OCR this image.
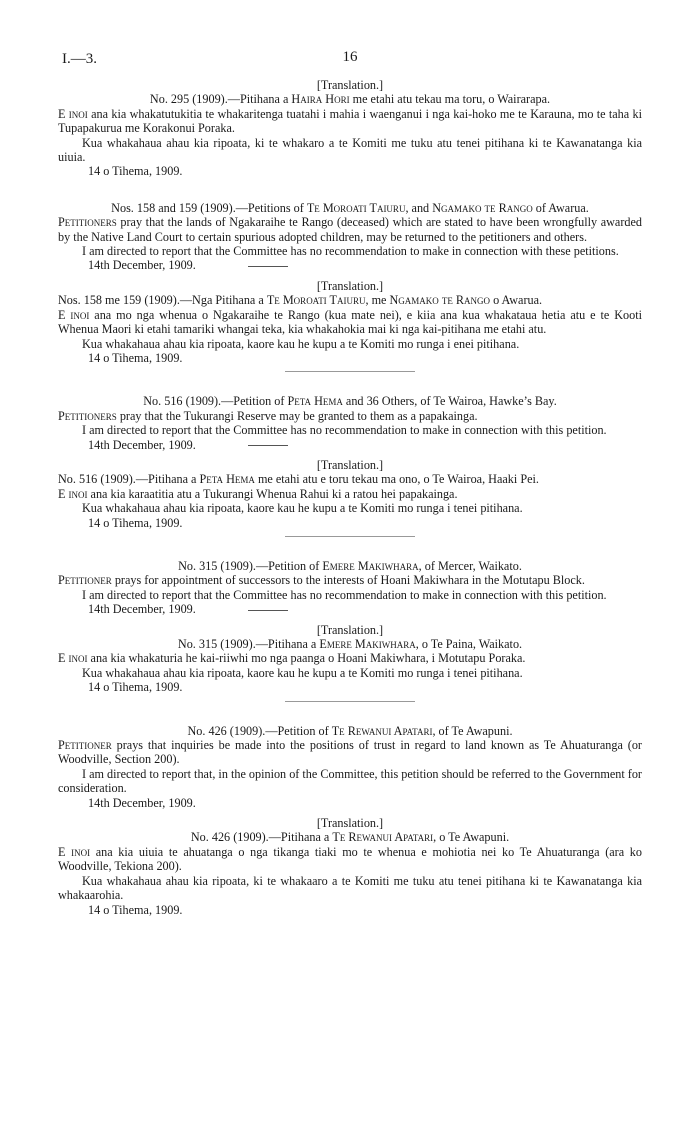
I.—3.	16

[Translation.]

No. 295 (1909).—Pitihana a Haira Hori me etahi atu tekau ma toru, o Wairarapa.

E inoi ana kia whakatutukitia te whakaritenga tuatahi i mahia i waenganui i nga kai-hoko me te Karauna, mo te taha ki Tupapakurua me Korakonui Poraka.

Kua whakahaua ahau kia ripoata, ki te whakaro a te Komiti me tuku atu tenei pitihana ki te Kawanatanga kia uiuia.

14 o Tihema, 1909.

Nos. 158 and 159 (1909).—Petitions of Te Moroati Taiuru, and Ngamako te Rango of Awarua.

Petitioners pray that the lands of Ngakaraihe te Rango (deceased) which are stated to have been wrongfully awarded by the Native Land Court to certain spurious adopted children, may be returned to the petitioners and others.

I am directed to report that the Committee has no recommendation to make in connection with these petitions.

14th December, 1909.

[Translation.]

Nos. 158 me 159 (1909).—Nga Pitihana a Te Moroati Taiuru, me Ngamako te Rango o Awarua.

E inoi ana mo nga whenua o Ngakaraihe te Rango (kua mate nei), e kiia ana kua whakataua hetia atu e te Kooti Whenua Maori ki etahi tamariki whangai teka, kia whakahokia mai ki nga kai-pitihana me etahi atu.

Kua whakahaua ahau kia ripoata, kaore kau he kupu a te Komiti mo runga i enei pitihana.

14 o Tihema, 1909.

No. 516 (1909).—Petition of Peta Hema and 36 Others, of Te Wairoa, Hawke’s Bay.

Petitioners pray that the Tukurangi Reserve may be granted to them as a papakainga.

I am directed to report that the Committee has no recommendation to make in connection with this petition.

14th December, 1909.

[Translation.]

No. 516 (1909).—Pitihana a Peta Hema me etahi atu e toru tekau ma ono, o Te Wairoa, Haaki Pei.

E inoi ana kia karaatitia atu a Tukurangi Whenua Rahui ki a ratou hei papakainga.

Kua whakahaua ahau kia ripoata, kaore kau he kupu a te Komiti mo runga i tenei pitihana.

14 o Tihema, 1909.

No. 315 (1909).—Petition of Emere Makiwhara, of Mercer, Waikato.

Petitioner prays for appointment of successors to the interests of Hoani Makiwhara in the Motutapu Block.

I am directed to report that the Committee has no recommendation to make in connection with this petition.

14th December, 1909.

[Translation.]

No. 315 (1909).—Pitihana a Emere Makiwhara, o Te Paina, Waikato.

E inoi ana kia whakaturia he kai-riiwhi mo nga paanga o Hoani Makiwhara, i Motutapu Poraka.

Kua whakahaua ahau kia ripoata, kaore kau he kupu a te Komiti mo runga i tenei pitihana.

14 o Tihema, 1909.

No. 426 (1909).—Petition of Te Rewanui Apatari, of Te Awapuni.

Petitioner prays that inquiries be made into the positions of trust in regard to land known as Te Ahuaturanga (or Woodville, Section 200).

I am directed to report that, in the opinion of the Committee, this petition should be referred to the Government for consideration.

14th December, 1909.

[Translation.]

No. 426 (1909).—Pitihana a Te Rewanui Apatari, o Te Awapuni.

E inoi ana kia uiuia te ahuatanga o nga tikanga tiaki mo te whenua e mohiotia nei ko Te Ahuaturanga (ara ko Woodville, Tekiona 200).

Kua whakahaua ahau kia ripoata, ki te whakaaro a te Komiti me tuku atu tenei pitihana ki te Kawanatanga kia whakaarohia.

14 o Tihema, 1909.
